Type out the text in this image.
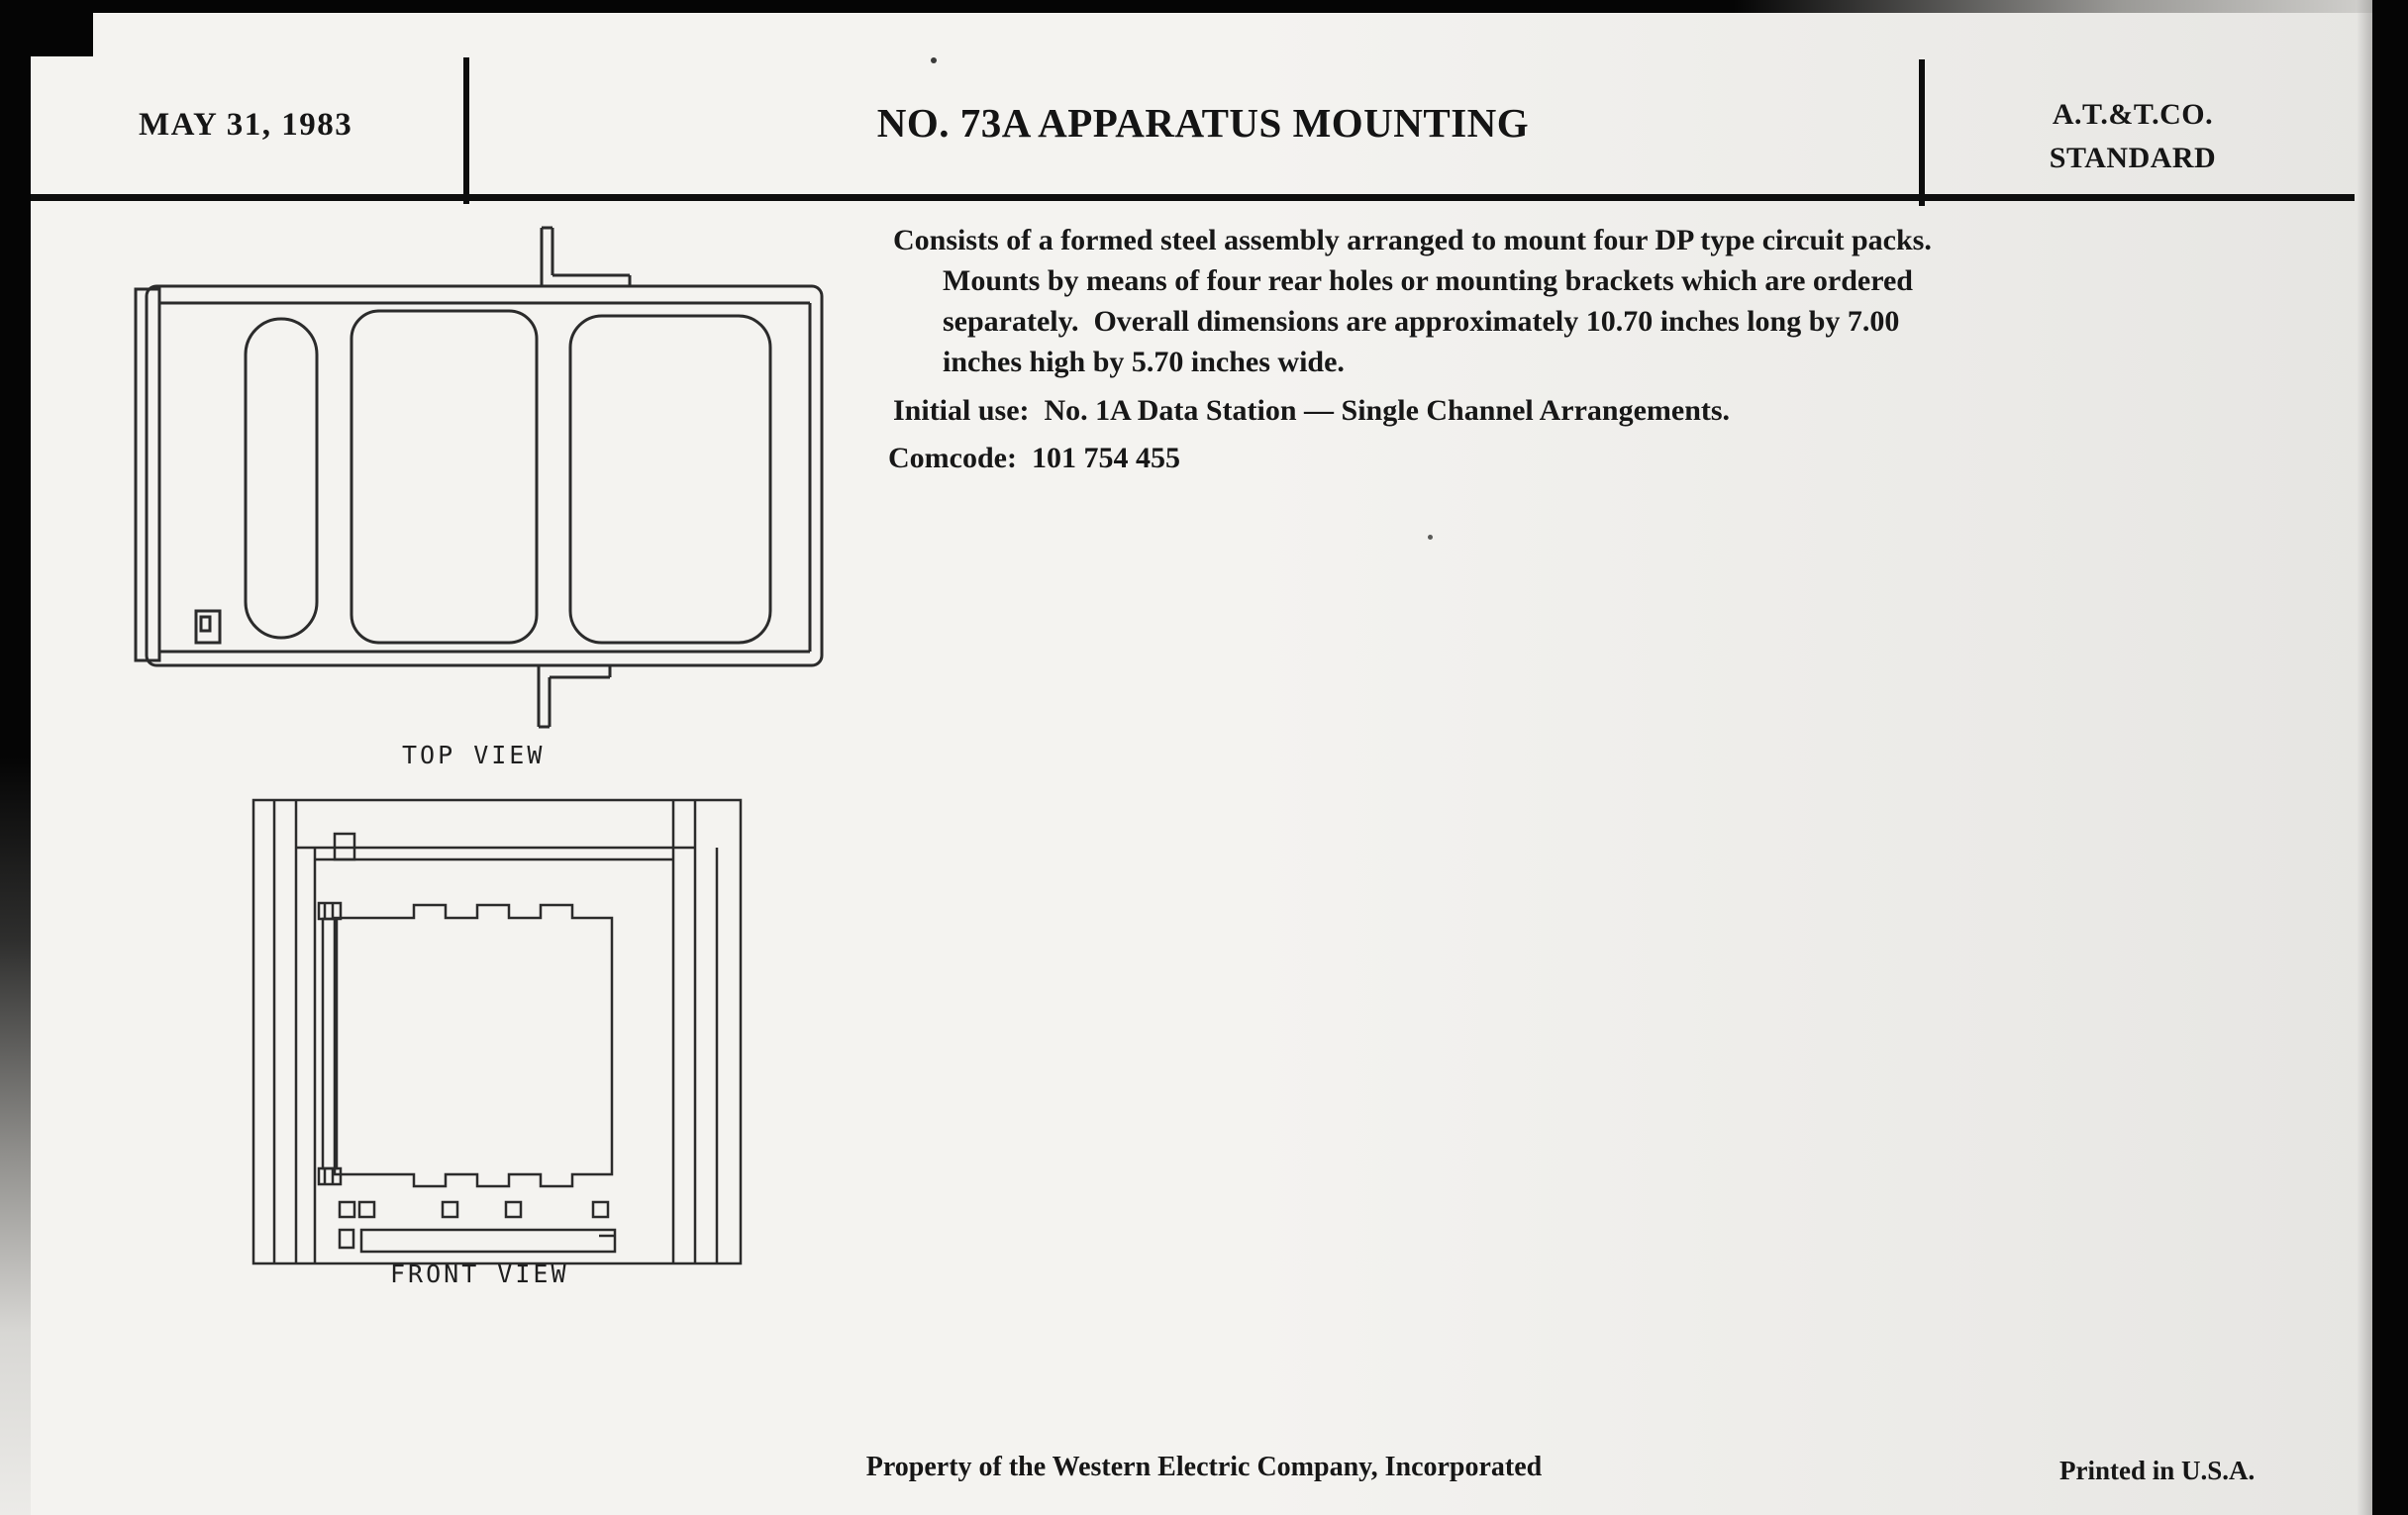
MAY 31, 1983	NO. 73A APPARATUS MOUNTING	A.T.&T.CO.
STANDARD
Consists of a formed steel assembly arranged to mount four DP type circuit packs.
Mounts by means of four rear holes or mounting brackets which are ordered
separately.  Overall dimensions are approximately 10.70 inches long by 7.00
inches high by 5.70 inches wide.
Initial use:  No. 1A Data Station — Single Channel Arrangements.
Comcode:  101 754 455
TOP VIEW
FRONT VIEW
Property of the Western Electric Company, Incorporated	Printed in U.S.A.
